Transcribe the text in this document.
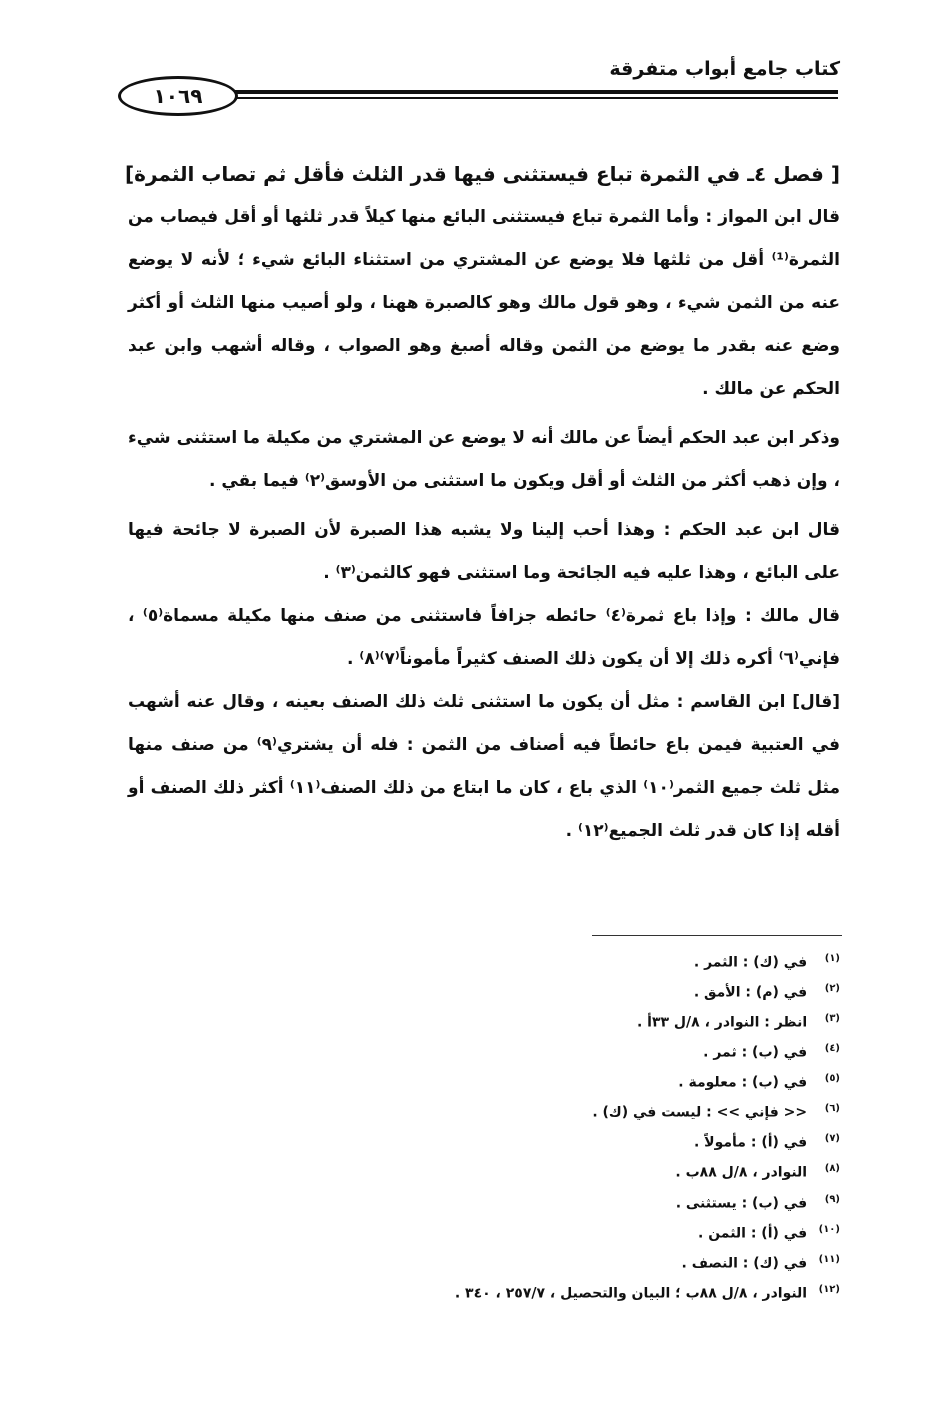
كتاب جامع أبواب متفرقة
١٠٦٩

[ فصل ٤ـ في الثمرة تباع فيستثنى فيها قدر الثلث فأقل ثم تصاب الثمرة]

قال ابن المواز : وأما الثمرة تباع فيستثنى البائع منها كيلاً قدر ثلثها أو أقل فيصاب من الثمرة⁽¹⁾ أقل من ثلثها فلا يوضع عن المشتري من استثناء البائع شيء ؛ لأنه لا يوضع عنه من الثمن شيء ، وهو قول مالك وهو كالصبرة ههنا ، ولو أصيب منها الثلث أو أكثر وضع عنه بقدر ما يوضع من الثمن وقاله أصبغ وهو الصواب ، وقاله أشهب وابن عبد الحكم عن مالك .

وذكر ابن عبد الحكم أيضاً عن مالك أنه لا يوضع عن المشتري من مكيلة ما استثنى شيء ، وإن ذهب أكثر من الثلث أو أقل ويكون ما استثنى من الأوسق⁽٢⁾ فيما بقي .

قال ابن عبد الحكم : وهذا أحب إلينا ولا يشبه هذا الصبرة لأن الصبرة لا جائحة فيها على البائع ، وهذا عليه فيه الجائحة وما استثنى فهو كالثمن⁽٣⁾ .

قال مالك : وإذا باع ثمرة⁽٤⁾ حائطه جزافاً فاستثنى من صنف منها مكيلة مسماة⁽٥⁾ ، فإني⁽٦⁾ أكره ذلك إلا أن يكون ذلك الصنف كثيراً مأموناً⁽٧⁾⁽٨⁾ .

[قال] ابن القاسم : مثل أن يكون ما استثنى ثلث ذلك الصنف بعينه ، وقال عنه أشهب في العتبية فيمن باع حائطاً فيه أصناف من الثمن : فله أن يشتري⁽٩⁾ من صنف منها مثل ثلث جميع الثمر⁽١٠⁾ الذي باع ، كان ما ابتاع من ذلك الصنف⁽١١⁾ أكثر ذلك الصنف أو أقله إذا كان قدر ثلث الجميع⁽١٢⁾ .

(١) في (ك) : الثمر .
(٢) في (م) : الأمق .
(٣) انظر : النوادر ، ٨/ل ٣٣أ .
(٤) في (ب) : ثمر .
(٥) في (ب) : معلومة .
(٦) << فإني >> : ليست في (ك) .
(٧) في (أ) : مأمولاً .
(٨) النوادر ، ٨/ل ٨٨ب .
(٩) في (ب) : يستثنى .
(١٠) في (أ) : الثمن .
(١١) في (ك) : النصف .
(١٢) النوادر ، ٨/ل ٨٨ب ؛ البيان والتحصيل ، ٢٥٧/٧ ، ٣٤٠ .
